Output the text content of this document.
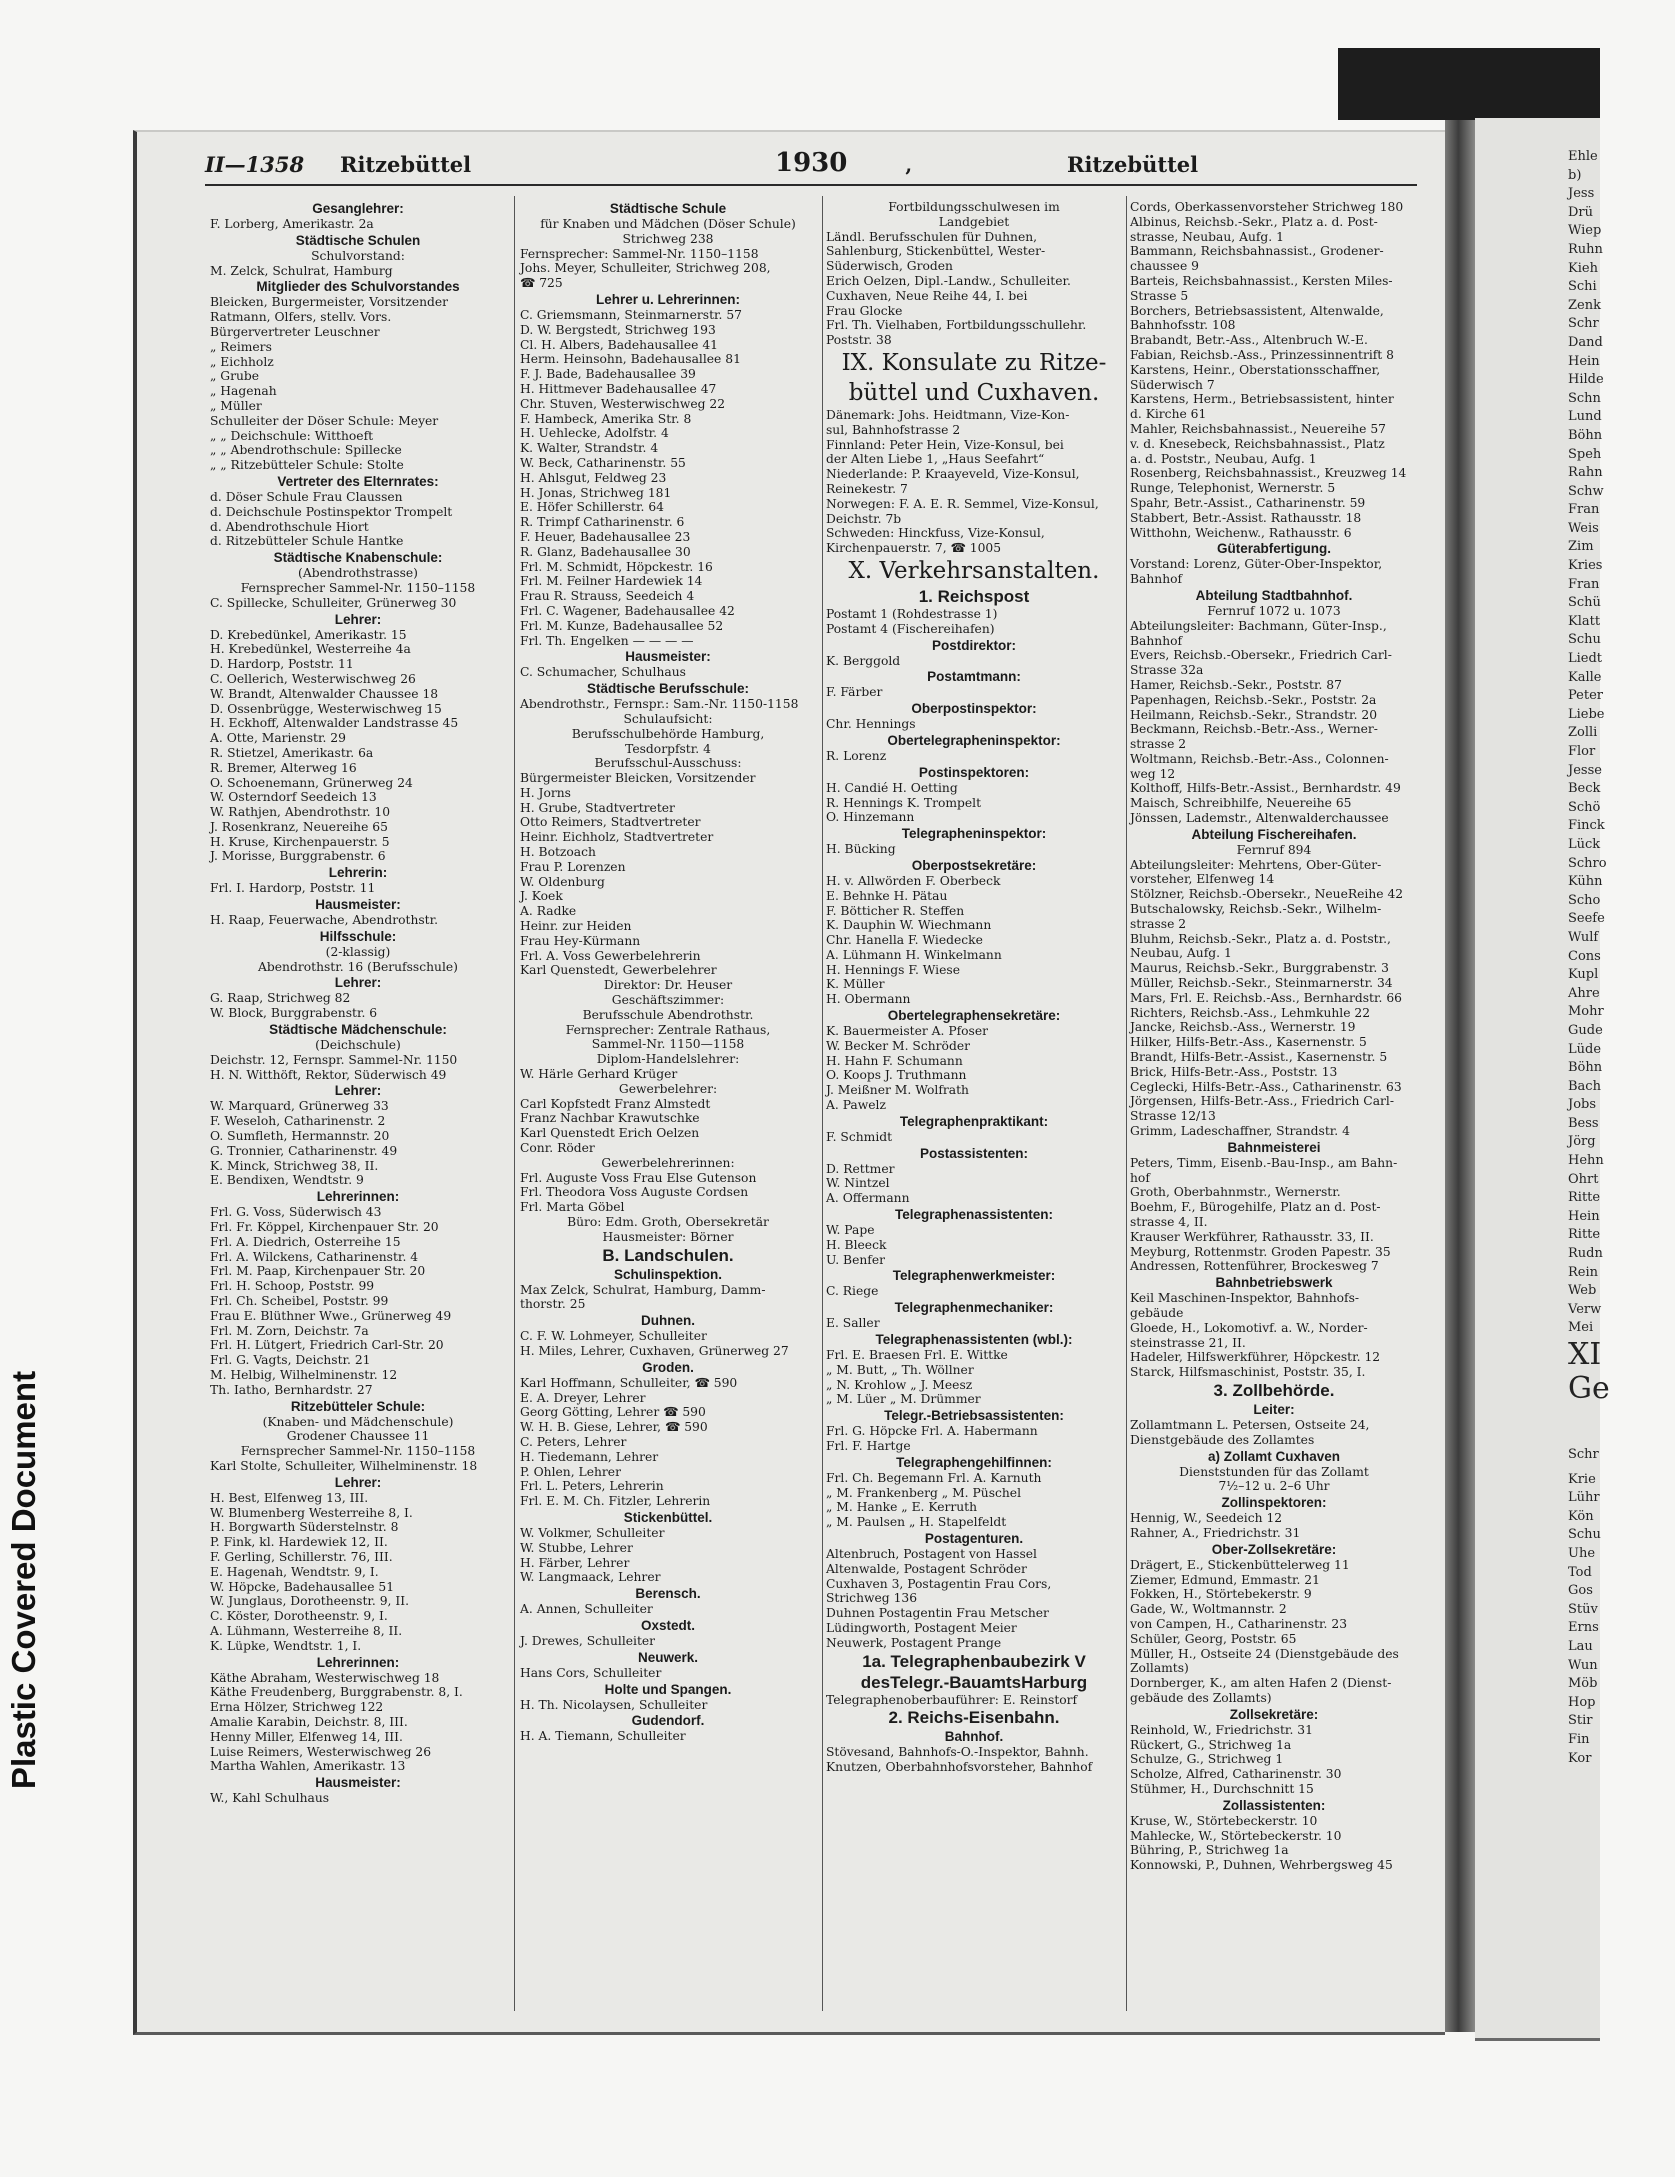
Plastic Covered Document
Ehle
b)
Jess
Drü
Wiep
Ruhn
Kieh
Schi
Zenk
Schr
Dand
Hein
Hilde
Schn
Lund
Böhn
Speh
Rahn
Schw
Fran
Weis
Zim
Kries
Fran
Schü
Klatt
Schu
Liedt
Kalle
Peter
Liebe
Zolli
Flor
Jesse
Beck
Schö
Finck
Lück
Schro
Kühn
Scho
Seefe
Wulf
Cons
Kupl
Ahre
Mohr
Gude
Lüde
Böhn
Bach
Jobs
Bess
Jörg
Hehn
Ohrt
Ritte
Hein
Ritte
Rudn
Rein
Web
Verw
Mei
XI
Ge
Schr
Krie
Lühr
Kön
Schu
Uhe
Tod
Gos
Stüv
Erns
Lau
Wun
Möb
Hop
Stir
Fin
Kor
II—1358 Ritzebüttel	1930	‚	Ritzebüttel
Gesanglehrer:
F. Lorberg, Amerikastr. 2a
Städtische Schulen
Schulvorstand:
M. Zelck, Schulrat, Hamburg
Mitglieder des Schulvorstandes
Bleicken, Burgermeister, Vorsitzender
Ratmann, Olfers, stellv. Vors.
Bürgervertreter Leuschner
„ Reimers
„ Eichholz
„ Grube
„ Hagenah
„ Müller
Schulleiter der Döser Schule: Meyer
„ „ Deichschule: Witthoeft
„ „ Abendrothschule: Spillecke
„ „ Ritzebütteler Schule: Stolte
Vertreter des Elternrates:
d. Döser Schule Frau Claussen
d. Deichschule Postinspektor Trompelt
d. Abendrothschule Hiort
d. Ritzebütteler Schule Hantke
Städtische Knabenschule:
(Abendrothstrasse)
Fernsprecher Sammel-Nr. 1150–1158
C. Spillecke, Schulleiter, Grünerweg 30
Lehrer:
D. Krebedünkel, Amerikastr. 15
H. Krebedünkel, Westerreihe 4a
D. Hardorp, Poststr. 11
C. Oellerich, Westerwischweg 26
W. Brandt, Altenwalder Chaussee 18
D. Ossenbrügge, Westerwischweg 15
H. Eckhoff, Altenwalder Landstrasse 45
A. Otte, Marienstr. 29
R. Stietzel, Amerikastr. 6a
R. Bremer, Alterweg 16
O. Schoenemann, Grünerweg 24
W. Osterndorf Seedeich 13
W. Rathjen, Abendrothstr. 10
J. Rosenkranz, Neuereihe 65
H. Kruse, Kirchenpauerstr. 5
J. Morisse, Burggrabenstr. 6
Lehrerin:
Frl. I. Hardorp, Poststr. 11
Hausmeister:
H. Raap, Feuerwache, Abendrothstr.
Hilfsschule:
(2-klassig)
Abendrothstr. 16 (Berufsschule)
Lehrer:
G. Raap, Strichweg 82
W. Block, Burggrabenstr. 6
Städtische Mädchenschule:
(Deichschule)
Deichstr. 12, Fernspr. Sammel-Nr. 1150
H. N. Witthöft, Rektor, Süderwisch 49
Lehrer:
W. Marquard, Grünerweg 33
F. Weseloh, Catharinenstr. 2
O. Sumfleth, Hermannstr. 20
G. Tronnier, Catharinenstr. 49
K. Minck, Strichweg 38, II.
E. Bendixen, Wendtstr. 9
Lehrerinnen:
Frl. G. Voss, Süderwisch 43
Frl. Fr. Köppel, Kirchenpauer Str. 20
Frl. A. Diedrich, Osterreihe 15
Frl. A. Wilckens, Catharinenstr. 4
Frl. M. Paap, Kirchenpauer Str. 20
Frl. H. Schoop, Poststr. 99
Frl. Ch. Scheibel, Poststr. 99
Frau E. Blüthner Wwe., Grünerweg 49
Frl. M. Zorn, Deichstr. 7a
Frl. H. Lütgert, Friedrich Carl-Str. 20
Frl. G. Vagts, Deichstr. 21
M. Helbig, Wilhelminenstr. 12
Th. Iatho, Bernhardstr. 27
Ritzebütteler Schule:
(Knaben- und Mädchenschule)
Grodener Chaussee 11
Fernsprecher Sammel-Nr. 1150–1158
Karl Stolte, Schulleiter, Wilhelminenstr. 18
Lehrer:
H. Best, Elfenweg 13, III.
W. Blumenberg Westerreihe 8, I.
H. Borgwarth Süderstelnstr. 8
P. Fink, kl. Hardewiek 12, II.
F. Gerling, Schillerstr. 76, III.
E. Hagenah, Wendtstr. 9, I.
W. Höpcke, Badehausallee 51
W. Junglaus, Dorotheenstr. 9, II.
C. Köster, Dorotheenstr. 9, I.
A. Lühmann, Westerreihe 8, II.
K. Lüpke, Wendtstr. 1, I.
Lehrerinnen:
Käthe Abraham, Westerwischweg 18
Käthe Freudenberg, Burggrabenstr. 8, I.
Erna Hölzer, Strichweg 122
Amalie Karabin, Deichstr. 8, III.
Henny Miller, Elfenweg 14, III.
Luise Reimers, Westerwischweg 26
Martha Wahlen, Amerikastr. 13
Hausmeister:
W., Kahl Schulhaus
Städtische Schule
für Knaben und Mädchen (Döser Schule)
Strichweg 238
Fernsprecher: Sammel-Nr. 1150–1158
Johs. Meyer, Schulleiter, Strichweg 208,
☎ 725
Lehrer u. Lehrerinnen:
C. Griemsmann, Steinmarnerstr. 57
D. W. Bergstedt, Strichweg 193
Cl. H. Albers, Badehausallee 41
Herm. Heinsohn, Badehausallee 81
F. J. Bade, Badehausallee 39
H. Hittmever Badehausallee 47
Chr. Stuven, Westerwischweg 22
F. Hambeck, Amerika Str. 8
H. Uehlecke, Adolfstr. 4
K. Walter, Strandstr. 4
W. Beck, Catharinenstr. 55
H. Ahlsgut, Feldweg 23
H. Jonas, Strichweg 181
E. Höfer Schillerstr. 64
R. Trimpf Catharinenstr. 6
F. Heuer, Badehausallee 23
R. Glanz, Badehausallee 30
Frl. M. Schmidt, Höpckestr. 16
Frl. M. Feilner Hardewiek 14
Frau R. Strauss, Seedeich 4
Frl. C. Wagener, Badehausallee 42
Frl. M. Kunze, Badehausallee 52
Frl. Th. Engelken — — — —
Hausmeister:
C. Schumacher, Schulhaus
Städtische Berufsschule:
Abendrothstr., Fernspr.: Sam.-Nr. 1150-1158
Schulaufsicht:
Berufsschulbehörde Hamburg,
Tesdorpfstr. 4
Berufsschul-Ausschuss:
Bürgermeister Bleicken, Vorsitzender
H. Jorns
H. Grube, Stadtvertreter
Otto Reimers, Stadtvertreter
Heinr. Eichholz, Stadtvertreter
H. Botzoach
Frau P. Lorenzen
W. Oldenburg
J. Koek
A. Radke
Heinr. zur Heiden
Frau Hey-Kürmann
Frl. A. Voss Gewerbelehrerin
Karl Quenstedt, Gewerbelehrer
Direktor: Dr. Heuser
Geschäftszimmer:
Berufsschule Abendrothstr.
Fernsprecher: Zentrale Rathaus,
Sammel-Nr. 1150—1158
Diplom-Handelslehrer:
W. Härle Gerhard Krüger
Gewerbelehrer:
Carl Kopfstedt Franz Almstedt
Franz Nachbar Krawutschke
Karl Quenstedt Erich Oelzen
Conr. Röder
Gewerbelehrerinnen:
Frl. Auguste Voss Frau Else Gutenson
Frl. Theodora Voss Auguste Cordsen
Frl. Marta Göbel
Büro: Edm. Groth, Obersekretär
Hausmeister: Börner
B. Landschulen.
Schulinspektion.
Max Zelck, Schulrat, Hamburg, Damm-
thorstr. 25
Duhnen.
C. F. W. Lohmeyer, Schulleiter
H. Miles, Lehrer, Cuxhaven, Grünerweg 27
Groden.
Karl Hoffmann, Schulleiter, ☎ 590
E. A. Dreyer, Lehrer
Georg Götting, Lehrer ☎ 590
W. H. B. Giese, Lehrer, ☎ 590
C. Peters, Lehrer
H. Tiedemann, Lehrer
P. Ohlen, Lehrer
Frl. L. Peters, Lehrerin
Frl. E. M. Ch. Fitzler, Lehrerin
Stickenbüttel.
W. Volkmer, Schulleiter
W. Stubbe, Lehrer
H. Färber, Lehrer
W. Langmaack, Lehrer
Berensch.
A. Annen, Schulleiter
Oxstedt.
J. Drewes, Schulleiter
Neuwerk.
Hans Cors, Schulleiter
Holte und Spangen.
H. Th. Nicolaysen, Schulleiter
Gudendorf.
H. A. Tiemann, Schulleiter
Fortbildungsschulwesen im
Landgebiet
Ländl. Berufsschulen für Duhnen,
Sahlenburg, Stickenbüttel, Wester-
Süderwisch, Groden
Erich Oelzen, Dipl.-Landw., Schulleiter.
Cuxhaven, Neue Reihe 44, I. bei
Frau Glocke
Frl. Th. Vielhaben, Fortbildungsschullehr.
Poststr. 38
IX. Konsulate zu Ritze-
büttel und Cuxhaven.
Dänemark: Johs. Heidtmann, Vize-Kon-
sul, Bahnhofstrasse 2
Finnland: Peter Hein, Vize-Konsul, bei
der Alten Liebe 1, „Haus Seefahrt“
Niederlande: P. Kraayeveld, Vize-Konsul,
Reinekestr. 7
Norwegen: F. A. E. R. Semmel, Vize-Konsul,
Deichstr. 7b
Schweden: Hinckfuss, Vize-Konsul,
Kirchenpauerstr. 7, ☎ 1005
X. Verkehrsanstalten.
1. Reichspost
Postamt 1 (Rohdestrasse 1)
Postamt 4 (Fischereihafen)
Postdirektor:
K. Berggold
Postamtmann:
F. Färber
Oberpostinspektor:
Chr. Hennings
Obertelegrapheninspektor:
R. Lorenz
Postinspektoren:
H. Candié H. Oetting
R. Hennings K. Trompelt
O. Hinzemann
Telegrapheninspektor:
H. Bücking
Oberpostsekretäre:
H. v. Allwörden F. Oberbeck
E. Behnke H. Pätau
F. Bötticher R. Steffen
K. Dauphin W. Wiechmann
Chr. Hanella F. Wiedecke
A. Lühmann H. Winkelmann
H. Hennings F. Wiese
K. Müller
H. Obermann
Obertelegraphensekretäre:
K. Bauermeister A. Pfoser
W. Becker M. Schröder
H. Hahn F. Schumann
O. Koops J. Truthmann
J. Meißner M. Wolfrath
A. Pawelz
Telegraphenpraktikant:
F. Schmidt
Postassistenten:
D. Rettmer
W. Nintzel
A. Offermann
Telegraphenassistenten:
W. Pape
H. Bleeck
U. Benfer
Telegraphenwerkmeister:
C. Riege
Telegraphenmechaniker:
E. Saller
Telegraphenassistenten (wbl.):
Frl. E. Braesen Frl. E. Wittke
„ M. Butt, „ Th. Wöllner
„ N. Krohlow „ J. Meesz
„ M. Lüer „ M. Drümmer
Telegr.-Betriebsassistenten:
Frl. G. Höpcke Frl. A. Habermann
Frl. F. Hartge
Telegraphengehilfinnen:
Frl. Ch. Begemann Frl. A. Karnuth
„ M. Frankenberg „ M. Püschel
„ M. Hanke „ E. Kerruth
„ M. Paulsen „ H. Stapelfeldt
Postagenturen.
Altenbruch, Postagent von Hassel
Altenwalde, Postagent Schröder
Cuxhaven 3, Postagentin Frau Cors,
Strichweg 136
Duhnen Postagentin Frau Metscher
Lüdingworth, Postagent Meier
Neuwerk, Postagent Prange
1a. Telegraphenbaubezirk V
desTelegr.-BauamtsHarburg
Telegraphenoberbauführer: E. Reinstorf
2. Reichs-Eisenbahn.
Bahnhof.
Stövesand, Bahnhofs-O.-Inspektor, Bahnh.
Knutzen, Oberbahnhofsvorsteher, Bahnhof
Cords, Oberkassenvorsteher Strichweg 180
Albinus, Reichsb.-Sekr., Platz a. d. Post-
strasse, Neubau, Aufg. 1
Bammann, Reichsbahnassist., Grodener-
chaussee 9
Barteis, Reichsbahnassist., Kersten Miles-
Strasse 5
Borchers, Betriebsassistent, Altenwalde,
Bahnhofsstr. 108
Brabandt, Betr.-Ass., Altenbruch W.-E.
Fabian, Reichsb.-Ass., Prinzessinnentrift 8
Karstens, Heinr., Oberstationsschaffner,
Süderwisch 7
Karstens, Herm., Betriebsassistent, hinter
d. Kirche 61
Mahler, Reichsbahnassist., Neuereihe 57
v. d. Knesebeck, Reichsbahnassist., Platz
a. d. Poststr., Neubau, Aufg. 1
Rosenberg, Reichsbahnassist., Kreuzweg 14
Runge, Telephonist, Wernerstr. 5
Spahr, Betr.-Assist., Catharinenstr. 59
Stabbert, Betr.-Assist. Rathausstr. 18
Witthohn, Weichenw., Rathausstr. 6
Güterabfertigung.
Vorstand: Lorenz, Güter-Ober-Inspektor,
Bahnhof
Abteilung Stadtbahnhof.
Fernruf 1072 u. 1073
Abteilungsleiter: Bachmann, Güter-Insp.,
Bahnhof
Evers, Reichsb.-Obersekr., Friedrich Carl-
Strasse 32a
Hamer, Reichsb.-Sekr., Poststr. 87
Papenhagen, Reichsb.-Sekr., Poststr. 2a
Heilmann, Reichsb.-Sekr., Strandstr. 20
Beckmann, Reichsb.-Betr.-Ass., Werner-
strasse 2
Woltmann, Reichsb.-Betr.-Ass., Colonnen-
weg 12
Kolthoff, Hilfs-Betr.-Assist., Bernhardstr. 49
Maisch, Schreibhilfe, Neuereihe 65
Jönssen, Lademstr., Altenwalderchaussee
Abteilung Fischereihafen.
Fernruf 894
Abteilungsleiter: Mehrtens, Ober-Güter-
vorsteher, Elfenweg 14
Stölzner, Reichsb.-Obersekr., NeueReihe 42
Butschalowsky, Reichsb.-Sekr., Wilhelm-
strasse 2
Bluhm, Reichsb.-Sekr., Platz a. d. Poststr.,
Neubau, Aufg. 1
Maurus, Reichsb.-Sekr., Burggrabenstr. 3
Müller, Reichsb.-Sekr., Steinmarnerstr. 34
Mars, Frl. E. Reichsb.-Ass., Bernhardstr. 66
Richters, Reichsb.-Ass., Lehmkuhle 22
Jancke, Reichsb.-Ass., Wernerstr. 19
Hilker, Hilfs-Betr.-Ass., Kasernenstr. 5
Brandt, Hilfs-Betr.-Assist., Kasernenstr. 5
Brick, Hilfs-Betr.-Ass., Poststr. 13
Ceglecki, Hilfs-Betr.-Ass., Catharinenstr. 63
Jörgensen, Hilfs-Betr.-Ass., Friedrich Carl-
Strasse 12/13
Grimm, Ladeschaffner, Strandstr. 4
Bahnmeisterei
Peters, Timm, Eisenb.-Bau-Insp., am Bahn-
hof
Groth, Oberbahnmstr., Wernerstr.
Boehm, F., Bürogehilfe, Platz an d. Post-
strasse 4, II.
Krauser Werkführer, Rathausstr. 33, II.
Meyburg, Rottenmstr. Groden Papestr. 35
Andressen, Rottenführer, Brockesweg 7
Bahnbetriebswerk
Keil Maschinen-Inspektor, Bahnhofs-
gebäude
Gloede, H., Lokomotivf. a. W., Norder-
steinstrasse 21, II.
Hadeler, Hilfswerkführer, Höpckestr. 12
Starck, Hilfsmaschinist, Poststr. 35, I.
3. Zollbehörde.
Leiter:
Zollamtmann L. Petersen, Ostseite 24,
Dienstgebäude des Zollamtes
a) Zollamt Cuxhaven
Dienststunden für das Zollamt
7½–12 u. 2–6 Uhr
Zollinspektoren:
Hennig, W., Seedeich 12
Rahner, A., Friedrichstr. 31
Ober-Zollsekretäre:
Drägert, E., Stickenbüttelerweg 11
Ziemer, Edmund, Emmastr. 21
Fokken, H., Störtebekerstr. 9
Gade, W., Woltmannstr. 2
von Campen, H., Catharinenstr. 23
Schüler, Georg, Poststr. 65
Müller, H., Ostseite 24 (Dienstgebäude des
Zollamts)
Dornberger, K., am alten Hafen 2 (Dienst-
gebäude des Zollamts)
Zollsekretäre:
Reinhold, W., Friedrichstr. 31
Rückert, G., Strichweg 1a
Schulze, G., Strichweg 1
Scholze, Alfred, Catharinenstr. 30
Stühmer, H., Durchschnitt 15
Zollassistenten:
Kruse, W., Störtebeckerstr. 10
Mahlecke, W., Störtebeckerstr. 10
Bühring, P., Strichweg 1a
Konnowski, P., Duhnen, Wehrbergsweg 45
